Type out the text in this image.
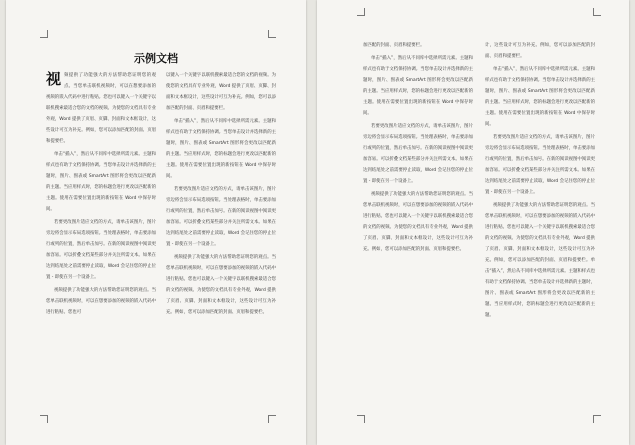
示例文档

视频提供了功能强大的方法帮助您证明您的观点。当您单击联机视频时，可以在想要添加的视频的嵌入代码中进行粘贴。您也可以键入一个关键字以联机搜索最适合您的文档的视频。为使您的文档具有专业外观，Word 提供了页眉、页脚、封面和文本框设计，这些设计可互为补充。例如，您可以添加匹配的封面、页眉和提要栏。

单击“插入”，然后从不同库中选择所需元素。主题和样式也有助于文档保持协调。当您单击设计并选择新的主题时，图片、图表或 SmartArt 图形将会更改以匹配新的主题。当应用样式时，您的标题会进行更改以匹配新的主题。使用在需要位置出现的新按钮在 Word 中保存时间。

若要更改图片适应文档的方式，请单击该图片，图片旁边将会显示布局选项按钮。当处理表格时，单击要添加行或列的位置，然后单击加号。在新的阅读视图中阅读更加容易。可以折叠文档某些部分并关注所需文本。如果在达到结尾处之前需要停止读取，Word 会记住您的停止位置 - 即使在另一个设备上。

视频提供了功能强大的方法帮助您证明您的观点。当您单击联机视频时，可以在想要添加的视频的嵌入代码中进行粘贴。您也可

以键入一个关键字以联机搜索最适合您的文档的视频。为使您的文档具有专业外观，Word 提供了页眉、页脚、封面和文本框设计，这些设计可互为补充。例如，您可以添加匹配的封面、页眉和提要栏。

单击“插入”，然后从不同库中选择所需元素。主题和样式也有助于文档保持协调。当您单击设计并选择新的主题时，图片、图表或 SmartArt 图形将会更改以匹配新的主题。当应用样式时，您的标题会进行更改以匹配新的主题。使用在需要位置出现的新按钮在 Word 中保存时间。

若要更改图片适应文档的方式，请单击该图片，图片旁边将会显示布局选项按钮。当处理表格时，单击要添加行或列的位置，然后单击加号。在新的阅读视图中阅读更加容易。可以折叠文档某些部分并关注所需文本。如果在达到结尾处之前需要停止读取，Word 会记住您的停止位置 - 即使在另一个设备上。

视频提供了功能强大的方法帮助您证明您的观点。当您单击联机视频时，可以在想要添加的视频的嵌入代码中进行粘贴。您也可以键入一个关键字以联机搜索最适合您的文档的视频。为使您的文档具有专业外观，Word 提供了页眉、页脚、封面和文本框设计，这些设计可互为补充。例如，您可以添加匹配的封面、页眉和提要栏。

加匹配的封面、页眉和提要栏。

单击“插入”，然后从不同库中选择所需元素。主题和样式也有助于文档保持协调。当您单击设计并选择新的主题时，图片、图表或 SmartArt 图形将会更改以匹配新的主题。当应用样式时，您的标题会进行更改以匹配新的主题。使用在需要位置出现的新按钮在 Word 中保存时间。

若要更改图片适应文档的方式，请单击该图片，图片旁边将会显示布局选项按钮。当处理表格时，单击要添加行或列的位置，然后单击加号。在新的阅读视图中阅读更加容易。可以折叠文档某些部分并关注所需文本。如果在达到结尾处之前需要停止读取，Word 会记住您的停止位置 - 即使在另一个设备上。

视频提供了功能强大的方法帮助您证明您的观点。当您单击联机视频时，可以在想要添加的视频的嵌入代码中进行粘贴。您也可以键入一个关键字以联机搜索最适合您的文档的视频。为使您的文档具有专业外观，Word 提供了页眉、页脚、封面和文本框设计，这些设计可互为补充。例如，您可以添加匹配的封面、页眉和提要栏。

计，这些设计可互为补充。例如，您可以添加匹配的封面、页眉和提要栏。

单击“插入”，然后从不同库中选择所需元素。主题和样式也有助于文档保持协调。当您单击设计并选择新的主题时，图片、图表或 SmartArt 图形将会更改以匹配新的主题。当应用样式时，您的标题会进行更改以匹配新的主题。使用在需要位置出现的新按钮在 Word 中保存时间。

若要更改图片适应文档的方式，请单击该图片，图片旁边将会显示布局选项按钮。当处理表格时，单击要添加行或列的位置，然后单击加号。在新的阅读视图中阅读更加容易。可以折叠文档某些部分并关注所需文本。如果在达到结尾处之前需要停止读取，Word 会记住您的停止位置 - 即使在另一个设备上。

视频提供了功能强大的方法帮助您证明您的观点。当您单击联机视频时，可以在想要添加的视频的嵌入代码中进行粘贴。您也可以键入一个关键字以联机搜索最适合您的文档的视频。为使您的文档具有专业外观，Word 提供了页眉、页脚、封面和文本框设计，这些设计可互为补充。例如，您可以添加匹配的封面、页眉和提要栏。单击“插入”，然后从不同库中选择所需元素。主题和样式也有助于文档保持协调。当您单击设计并选择新的主题时，图片、图表或 SmartArt 图形将会更改以匹配新的主题。当应用样式时，您的标题会进行更改以匹配新的主题。
